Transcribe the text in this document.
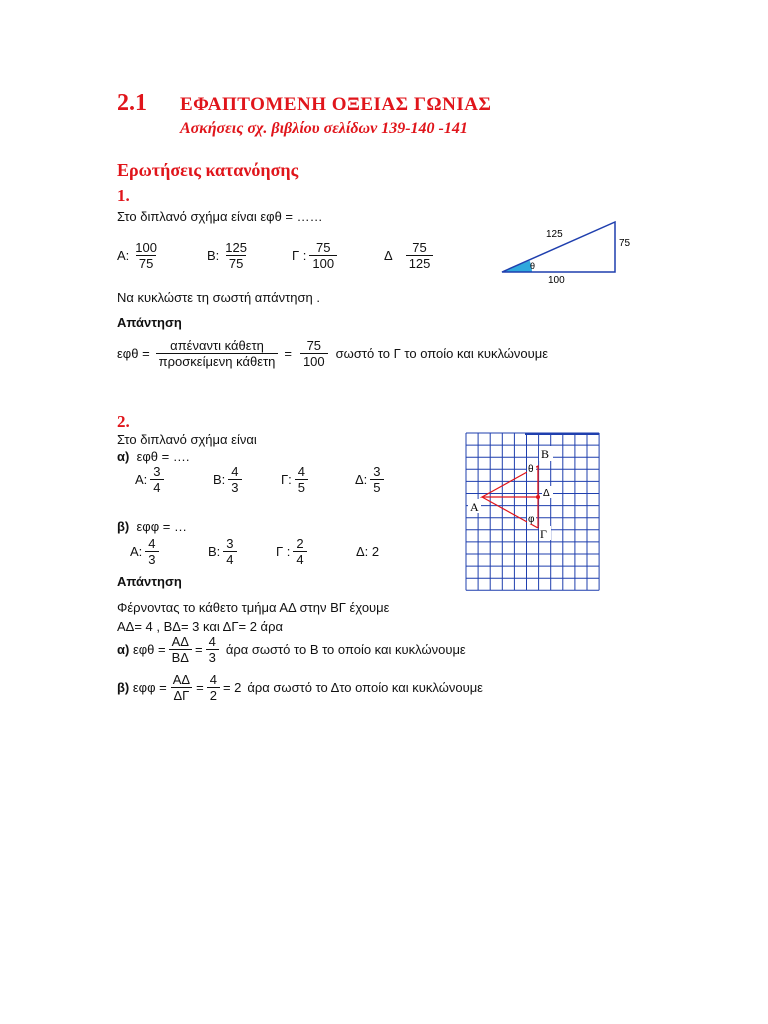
2.1 ΕΦΑΠΤΟΜΕΝΗ ΟΞΕΙΑΣ ΓΩΝΙΑΣ
Ασκήσεις σχ. βιβλίου σελίδων 139-140 -141
Ερωτήσεις κατανόησης
1.
Στο διπλανό σχήμα είναι εφθ = ……
Α: $\frac{100}{75}$	Β: $\frac{125}{75}$	Γ : $\frac{75}{100}$	Δ $\frac{75}{125}$
Να κυκλώστε τη σωστή απάντηση .
Απάντηση
$\varepsilon\varphi\theta = \frac{\text{απέναντι κάθετη}}{\text{προσκείμενη κάθετη}} = \frac{75}{100}$ σωστό το Γ το οποίο και κυκλώνουμε
125
75
100
θ
2.
Στο διπλανό σχήμα είναι
α) εφθ = ….
Α: $\frac{3}{4}$	Β: $\frac{4}{3}$	Γ: $\frac{4}{5}$	Δ: $\frac{3}{5}$
β) εφφ = …
Α: $\frac{4}{3}$	Β: $\frac{3}{4}$	Γ : $\frac{2}{4}$	Δ: 2
Απάντηση
Φέρνοντας το κάθετο τμήμα ΑΔ στην ΒΓ έχουμε
ΑΔ= 4 , ΒΔ= 3 και ΔΓ= 2 άρα
α)
$\varepsilon\varphi\theta = \frac{A\Delta}{B\Delta} = \frac{4}{3}$ άρα σωστό το Β το οποίο και κυκλώνουμε
β)
$\varepsilon\varphi\varphi = \frac{A\Delta}{\Delta\Gamma} = \frac{4}{2} = 2$ άρα σωστό το Δτο οποίο και κυκλώνουμε
Β
Α
Γ
Δ
θ
φ
